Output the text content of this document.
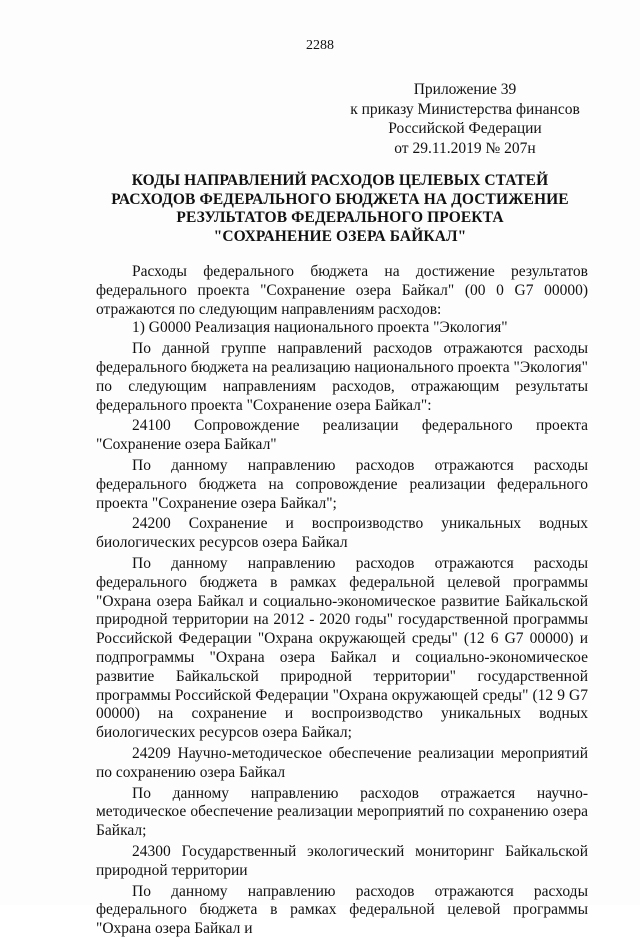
2288
Приложение 39
к приказу Министерства финансов
Российской Федерации
от 29.11.2019 № 207н
КОДЫ НАПРАВЛЕНИЙ РАСХОДОВ ЦЕЛЕВЫХ СТАТЕЙ
РАСХОДОВ ФЕДЕРАЛЬНОГО БЮДЖЕТА НА ДОСТИЖЕНИЕ
РЕЗУЛЬТАТОВ ФЕДЕРАЛЬНОГО ПРОЕКТА
"СОХРАНЕНИЕ ОЗЕРА БАЙКАЛ"

Расходы федерального бюджета на достижение результатов федерального проекта "Сохранение озера Байкал" (00 0 G7 00000) отражаются по следующим направлениям расходов:

1) G0000 Реализация национального проекта "Экология"

По данной группе направлений расходов отражаются расходы федерального бюджета на реализацию национального проекта "Экология" по следующим направлениям расходов, отражающим результаты федерального проекта "Сохранение озера Байкал":

24100 Сопровождение реализации федерального проекта "Сохранение озера Байкал"

По данному направлению расходов отражаются расходы федерального бюджета на сопровождение реализации федерального проекта "Сохранение озера Байкал";

24200 Сохранение и воспроизводство уникальных водных биологических ресурсов озера Байкал

По данному направлению расходов отражаются расходы федерального бюджета в рамках федеральной целевой программы "Охрана озера Байкал и социально-экономическое развитие Байкальской природной территории на 2012 - 2020 годы" государственной программы Российской Федерации "Охрана окружающей среды" (12 6 G7 00000) и подпрограммы "Охрана озера Байкал и социально-экономическое развитие Байкальской природной территории" государственной программы Российской Федерации "Охрана окружающей среды" (12 9 G7 00000) на сохранение и воспроизводство уникальных водных биологических ресурсов озера Байкал;

24209 Научно-методическое обеспечение реализации мероприятий по сохранению озера Байкал

По данному направлению расходов отражается научно-методическое обеспечение реализации мероприятий по сохранению озера Байкал;

24300 Государственный экологический мониторинг Байкальской природной территории

По данному направлению расходов отражаются расходы федерального бюджета в рамках федеральной целевой программы "Охрана озера Байкал и
